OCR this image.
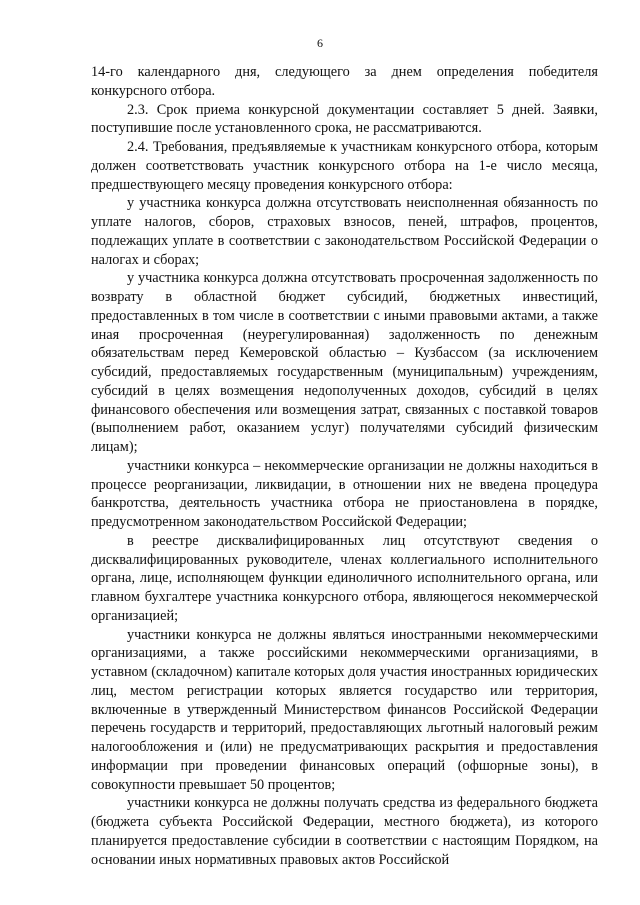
6

14-го календарного дня, следующего за днем определения победителя конкурсного отбора.

2.3. Срок приема конкурсной документации составляет 5 дней. Заявки, поступившие после установленного срока, не рассматриваются.

2.4. Требования, предъявляемые к участникам конкурсного отбора, которым должен соответствовать участник конкурсного отбора на 1-е число месяца, предшествующего месяцу проведения конкурсного отбора:

у участника конкурса должна отсутствовать неисполненная обязанность по уплате налогов, сборов, страховых взносов, пеней, штрафов, процентов, подлежащих уплате в соответствии с законодательством Российской Федерации о налогах и сборах;

у участника конкурса должна отсутствовать просроченная задолженность по возврату в областной бюджет субсидий, бюджетных инвестиций, предоставленных в том числе в соответствии с иными правовыми актами, а также иная просроченная (неурегулированная) задолженность по денежным обязательствам перед Кемеровской областью – Кузбассом (за исключением субсидий, предоставляемых государственным (муниципальным) учреждениям, субсидий в целях возмещения недополученных доходов, субсидий в целях финансового обеспечения или возмещения затрат, связанных с поставкой товаров (выполнением работ, оказанием услуг) получателями субсидий физическим лицам);

участники конкурса – некоммерческие организации не должны находиться в процессе реорганизации, ликвидации, в отношении них не введена процедура банкротства, деятельность участника отбора не приостановлена в порядке, предусмотренном законодательством Российской Федерации;

в реестре дисквалифицированных лиц отсутствуют сведения о дисквалифицированных руководителе, членах коллегиального исполнительного органа, лице, исполняющем функции единоличного исполнительного органа, или главном бухгалтере участника конкурсного отбора, являющегося некоммерческой организацией;

участники конкурса не должны являться иностранными некоммерческими организациями, а также российскими некоммерческими организациями, в уставном (складочном) капитале которых доля участия иностранных юридических лиц, местом регистрации которых является государство или территория, включенные в утвержденный Министерством финансов Российской Федерации перечень государств и территорий, предоставляющих льготный налоговый режим налогообложения и (или) не предусматривающих раскрытия и предоставления информации при проведении финансовых операций (офшорные зоны), в совокупности превышает 50 процентов;

участники конкурса не должны получать средства из федерального бюджета (бюджета субъекта Российской Федерации, местного бюджета), из которого планируется предоставление субсидии в соответствии с настоящим Порядком, на основании иных нормативных правовых актов Российской
